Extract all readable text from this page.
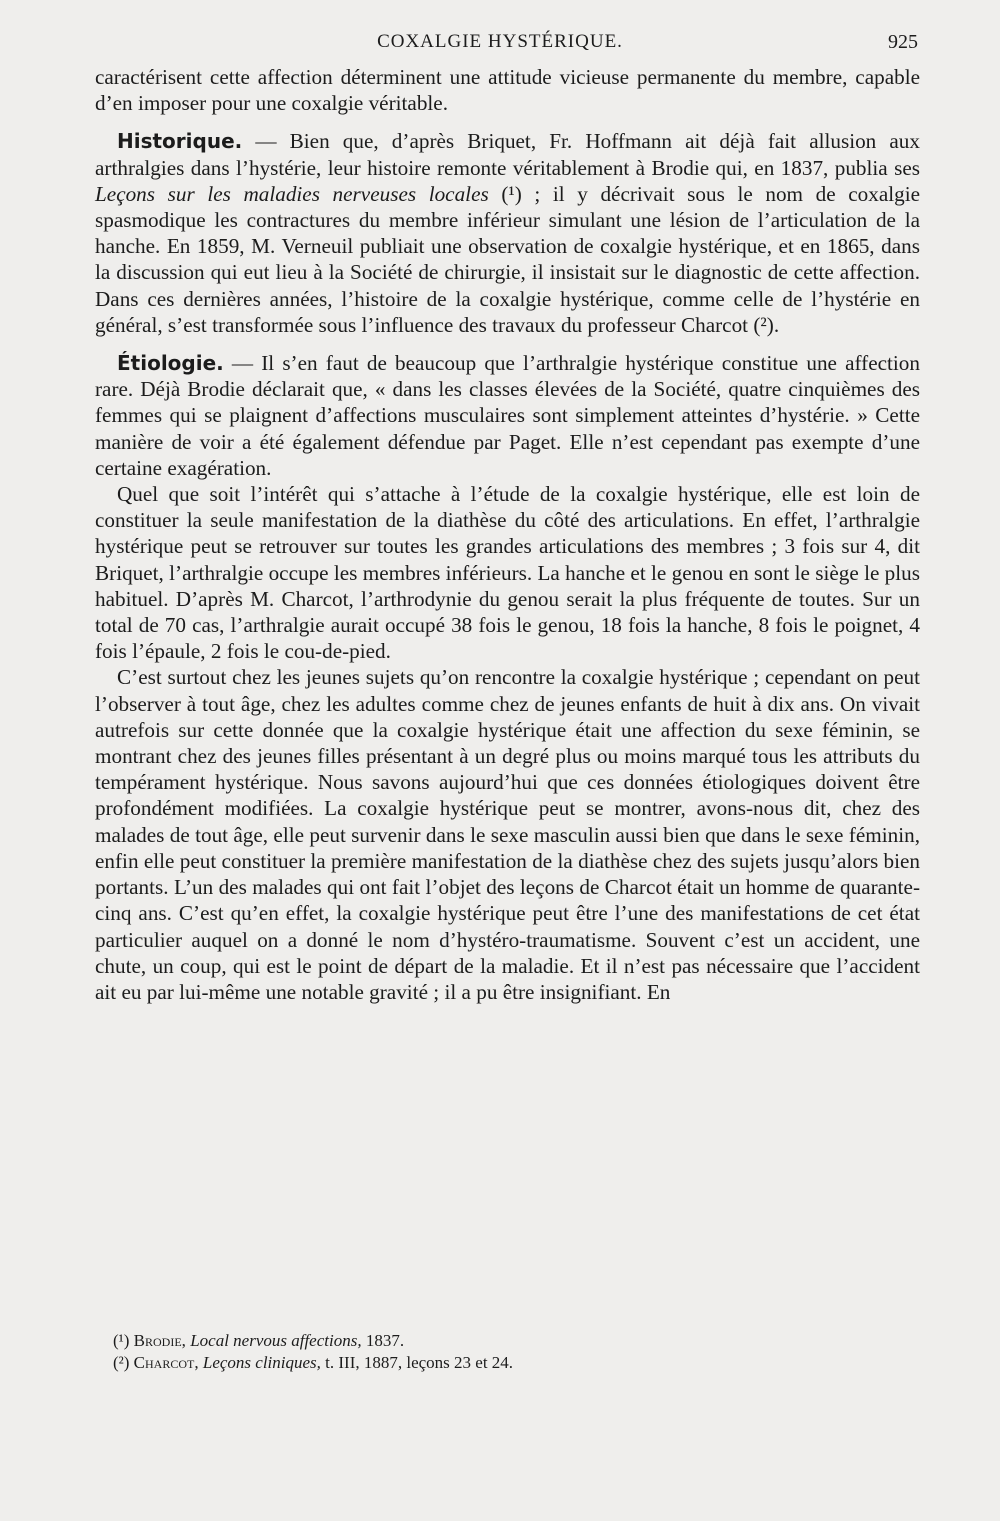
COXALGIE HYSTÉRIQUE.	925

caractérisent cette affection déterminent une attitude vicieuse permanente du membre, capable d’en imposer pour une coxalgie véritable.

Historique. — Bien que, d’après Briquet, Fr. Hoffmann ait déjà fait allusion aux arthralgies dans l’hystérie, leur histoire remonte véritablement à Brodie qui, en 1837, publia ses Leçons sur les maladies nerveuses locales (¹) ; il y décrivait sous le nom de coxalgie spasmodique les contractures du membre inférieur simulant une lésion de l’articulation de la hanche. En 1859, M. Verneuil publiait une observation de coxalgie hystérique, et en 1865, dans la discussion qui eut lieu à la Société de chirurgie, il insistait sur le diagnostic de cette affection. Dans ces dernières années, l’histoire de la coxalgie hystérique, comme celle de l’hystérie en général, s’est transformée sous l’influence des travaux du professeur Charcot (²).

Étiologie. — Il s’en faut de beaucoup que l’arthralgie hystérique constitue une affection rare. Déjà Brodie déclarait que, « dans les classes élevées de la Société, quatre cinquièmes des femmes qui se plaignent d’affections musculaires sont simplement atteintes d’hystérie. » Cette manière de voir a été également défendue par Paget. Elle n’est cependant pas exempte d’une certaine exagération.

Quel que soit l’intérêt qui s’attache à l’étude de la coxalgie hystérique, elle est loin de constituer la seule manifestation de la diathèse du côté des articulations. En effet, l’arthralgie hystérique peut se retrouver sur toutes les grandes articulations des membres ; 3 fois sur 4, dit Briquet, l’arthralgie occupe les membres inférieurs. La hanche et le genou en sont le siège le plus habituel. D’après M. Charcot, l’arthrodynie du genou serait la plus fréquente de toutes. Sur un total de 70 cas, l’arthralgie aurait occupé 38 fois le genou, 18 fois la hanche, 8 fois le poignet, 4 fois l’épaule, 2 fois le cou-de-pied.

C’est surtout chez les jeunes sujets qu’on rencontre la coxalgie hystérique ; cependant on peut l’observer à tout âge, chez les adultes comme chez de jeunes enfants de huit à dix ans. On vivait autrefois sur cette donnée que la coxalgie hystérique était une affection du sexe féminin, se montrant chez des jeunes filles présentant à un degré plus ou moins marqué tous les attributs du tempérament hystérique. Nous savons aujourd’hui que ces données étiologiques doivent être profondément modifiées. La coxalgie hystérique peut se montrer, avons-nous dit, chez des malades de tout âge, elle peut survenir dans le sexe masculin aussi bien que dans le sexe féminin, enfin elle peut constituer la première manifestation de la diathèse chez des sujets jusqu’alors bien portants. L’un des malades qui ont fait l’objet des leçons de Charcot était un homme de quarante-cinq ans. C’est qu’en effet, la coxalgie hystérique peut être l’une des manifestations de cet état particulier auquel on a donné le nom d’hystéro-traumatisme. Souvent c’est un accident, une chute, un coup, qui est le point de départ de la maladie. Et il n’est pas nécessaire que l’accident ait eu par lui-même une notable gravité ; il a pu être insignifiant. En

(¹) Brodie, Local nervous affections, 1837.

(²) Charcot, Leçons cliniques, t. III, 1887, leçons 23 et 24.
